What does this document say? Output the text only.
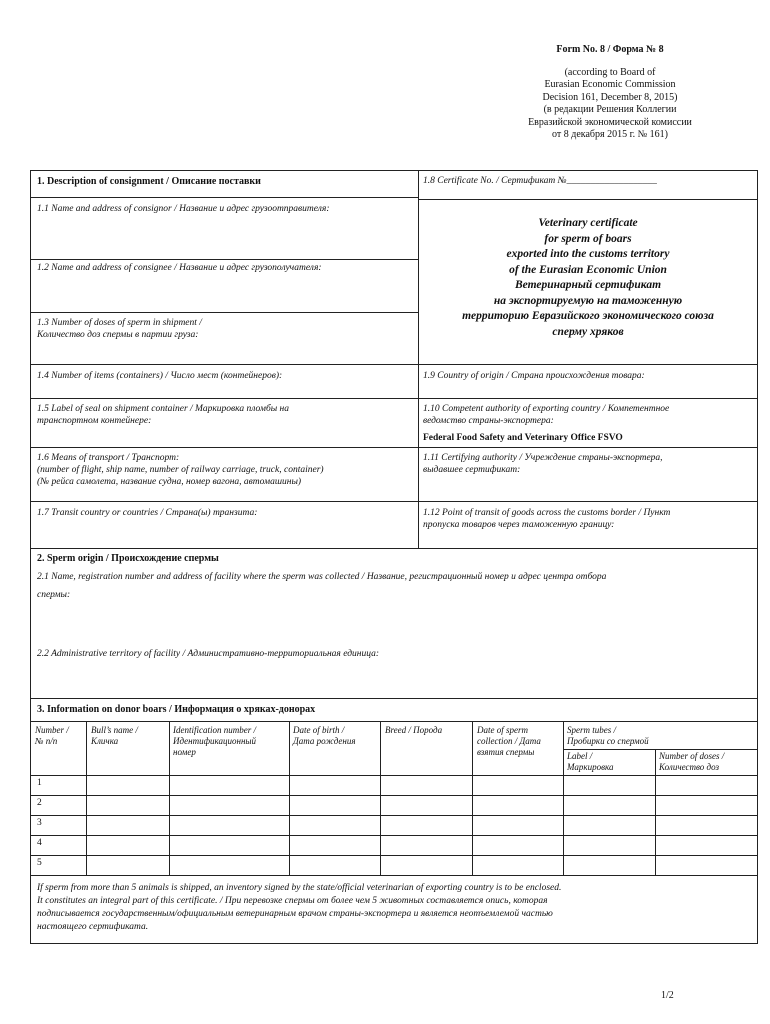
Form No. 8 / Форма № 8
(according to Board of
Eurasian Economic Commission
Decision 161, December 8, 2015)
(в редакции Решения Коллегии
Евразийской экономической комиссии
от 8 декабря 2015 г. № 161)
1. Description of consignment / Описание поставки
1.1 Name and address of consignor / Название и адрес грузоотправителя:
1.2 Name and address of consignee / Название и адрес грузополучателя:
1.3 Number of doses of sperm in shipment /
Количество доз спермы в партии груза:
1.4 Number of items (containers) / Число мест (контейнеров):
1.5 Label of seal on shipment container / Маркировка пломбы на
транспортном контейнере:
1.6 Means of transport / Транспорт:
(number of flight, ship name, number of railway carriage, truck, container)
(№ рейса самолета, название судна, номер вагона, автомашины)
1.7 Transit country or countries / Страна(ы) транзита:
1.8 Certificate No. / Сертификат №___________________
Veterinary certificate
for sperm of boars
exported into the customs territory
of the Eurasian Economic Union
Ветеринарный сертификат
на экспортируемую на таможенную
территорию Евразийского экономического союза
сперму хряков
1.9 Country of origin / Страна происхождения товара:
1.10 Competent authority of exporting country / Компетентное
ведомство страны-экспортера:
Federal Food Safety and Veterinary Office FSVO
1.11 Certifying authority / Учреждение страны-экспортера,
выдавшее сертификат:
1.12 Point of transit of goods across the customs border / Пункт
пропуска товаров через таможенную границу:
2. Sperm origin / Происхождение спермы
2.1 Name, registration number and address of facility where the sperm was collected / Название, регистрационный номер и адрес центра отбора
спермы:
2.2 Administrative territory of facility / Административно-территориальная единица:
3. Information on donor boars / Информация о хряках-донорах
Number /
№ п/п
Bull’s name /
Кличка
Identification number /
Идентификационный
номер
Date of birth /
Дата рождения
Breed / Порода	Date of sperm
collection / Дата
взятия спермы
Sperm tubes /
Пробирки со спермой
Label /
Маркировка
Number of doses /
Количество доз
1
2
3
4
5
If sperm from more than 5 animals is shipped, an inventory signed by the state/official veterinarian of exporting country is to be enclosed.
It constitutes an integral part of this certificate. / При перевозке спермы от более чем 5 животных составляется опись, которая
подписывается государственным/официальным ветеринарным врачом страны-экспортера и является неотъемлемой частью
настоящего сертификата.
1/2
